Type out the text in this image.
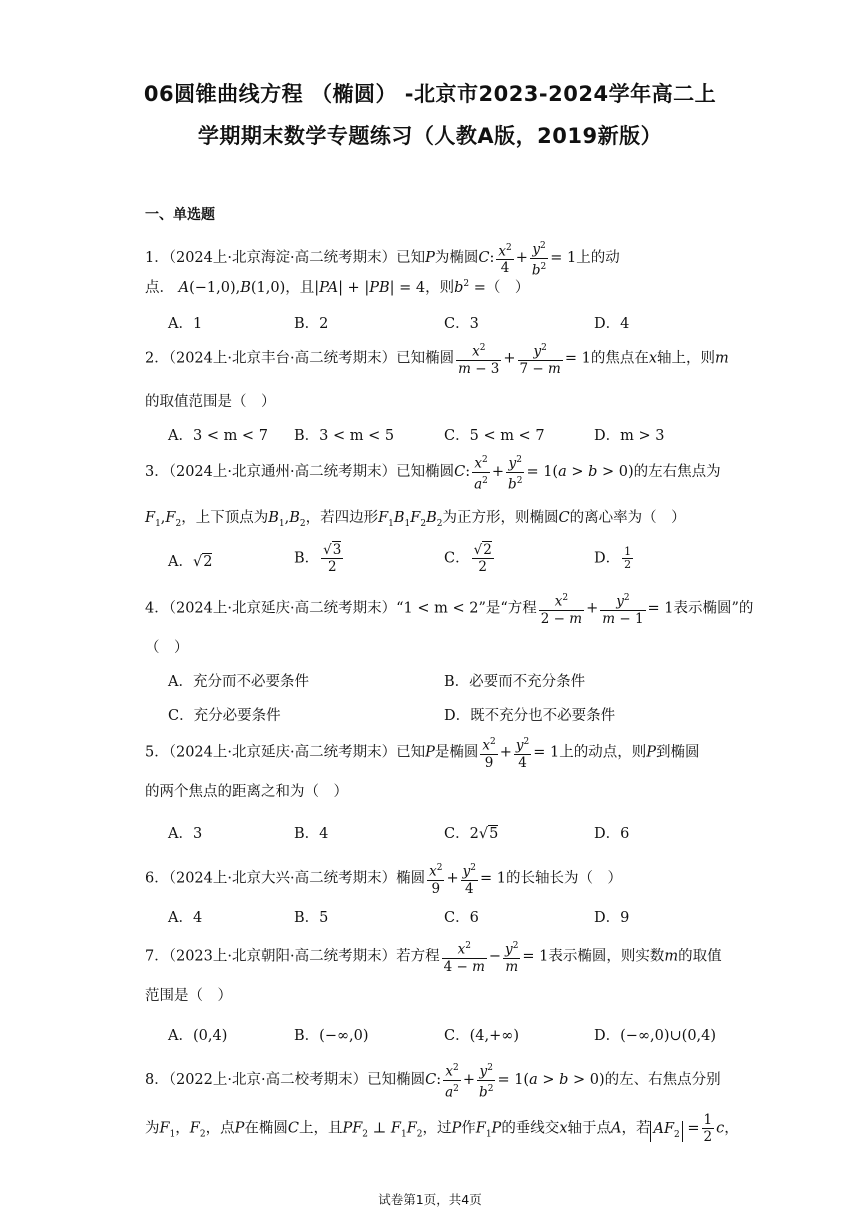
06圆锥曲线方程 （椭圆） -北京市2023-2024学年高二上
学期期末数学专题练习（人教A版，2019新版）
一、单选题
1．（2024上·北京海淀·高二统考期末）已知P为椭圆C: $\frac{x^2}{4} + \frac{y^2}{b^2} = 1$上的动
点． A(−1,0),B(1,0)，且|PA| + |PB| = 4，则$b^2$ =（　）
A．1	B．2	C．3	D．4
2．（2024上·北京丰台·高二统考期末）已知椭圆 $\frac{x^2}{m - 3} + \frac{y^2}{7 - m} = 1$的焦点在x轴上，则m
的取值范围是（　）
A．3 < m < 7 B．3 < m < 5	C．5 < m < 7	D．m > 3
3．（2024上·北京通州·高二统考期末）已知椭圆C: $\frac{x^2}{a^2} + \frac{y^2}{b^2} = 1(a > b > 0)$的左右焦点为
$F_1,F_2$，上下顶点为$B_1,B_2$，若四边形$F_1B_1F_2B_2$为正方形，则椭圆C的离心率为（　）
A．√2	B． $\frac{√3}{2}$	C． $\frac{√2}{2}$	D． $\frac{1}{2}$
4．（2024上·北京延庆·高二统考期末）“1 < m < 2”是“方程 $\frac{x^2}{2 - m} + \frac{y^2}{m - 1} = 1$表示椭圆”的
（　）
A．充分而不必要条件	B．必要而不充分条件
C．充分必要条件	D．既不充分也不必要条件
5．（2024上·北京延庆·高二统考期末）已知P是椭圆 $\frac{x^2}{9} + \frac{y^2}{4} = 1$上的动点，则P到椭圆
的两个焦点的距离之和为（　）
A．3	B．4	C．2√5	D．6
6．（2024上·北京大兴·高二统考期末）椭圆 $\frac{x^2}{9} + \frac{y^2}{4} = 1$的长轴长为（　）
A．4	B．5	C．6	D．9
7．（2023上·北京朝阳·高二统考期末）若方程 $\frac{x^2}{4 - m} - \frac{y^2}{m} = 1$表示椭圆，则实数m的取值
范围是（　）
A．(0,4)	B．(−∞,0)	C．(4,+∞)	D．(−∞,0)∪(0,4)
8．（2022上·北京·高二校考期末）已知椭圆C: $\frac{x^2}{a^2} + \frac{y^2}{b^2} = 1(a > b > 0)$的左、右焦点分别
为$F_1$，$F_2$，点P在椭圆C上，且$PF_2$ ⊥ $F_1F_2$，过P作$F_1P$的垂线交x轴于点A，若 $AF_2 = \frac{1}{2}$ c，
试卷第1页，共4页
